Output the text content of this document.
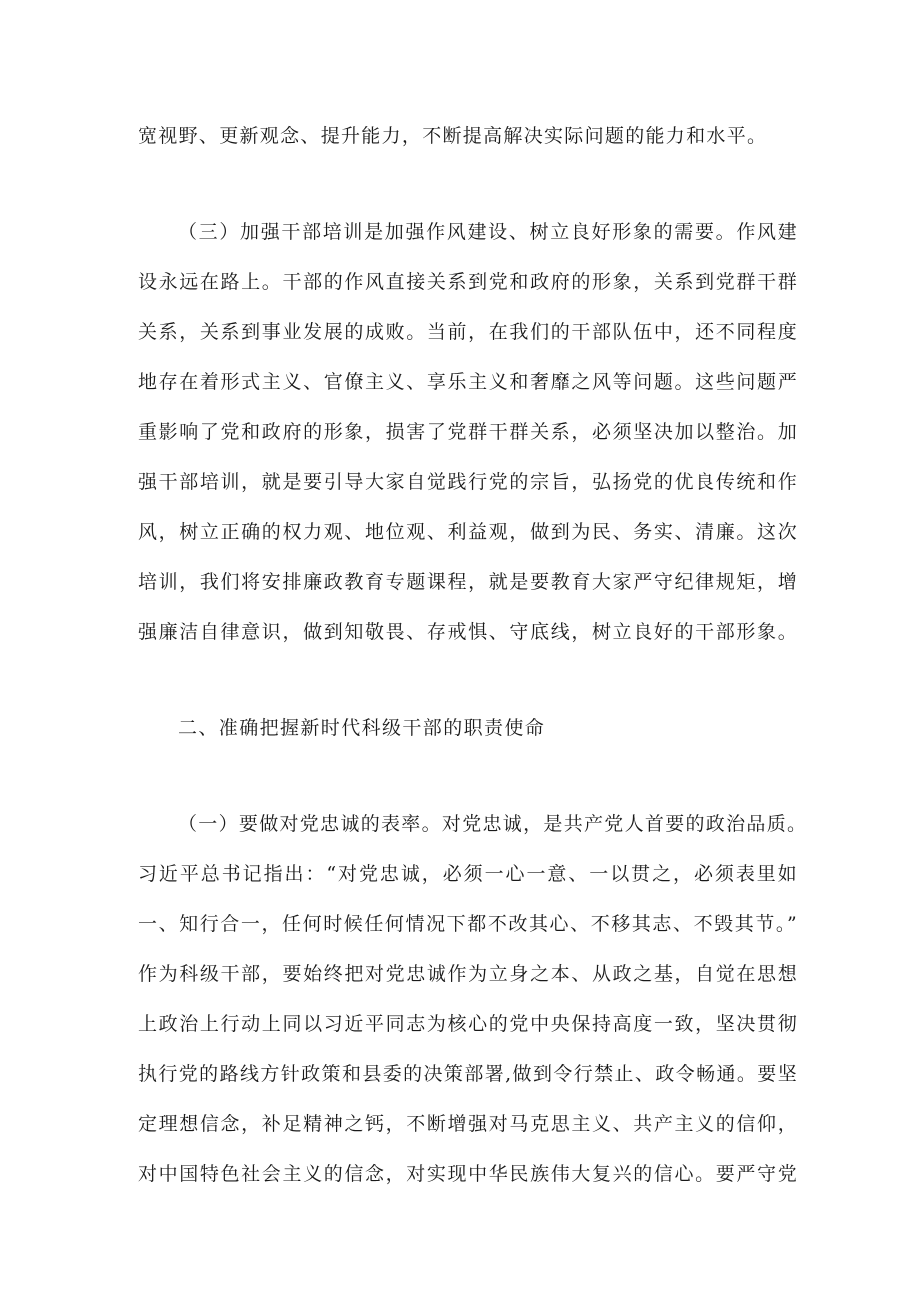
宽视野、更新观念、提升能力，不断提高解决实际问题的能力和水平。
（三）加强干部培训是加强作风建设、树立良好形象的需要。作风建
设永远在路上。干部的作风直接关系到党和政府的形象，关系到党群干群
关系，关系到事业发展的成败。当前，在我们的干部队伍中，还不同程度
地存在着形式主义、官僚主义、享乐主义和奢靡之风等问题。这些问题严
重影响了党和政府的形象，损害了党群干群关系，必须坚决加以整治。加
强干部培训，就是要引导大家自觉践行党的宗旨，弘扬党的优良传统和作
风，树立正确的权力观、地位观、利益观，做到为民、务实、清廉。这次
培训，我们将安排廉政教育专题课程，就是要教育大家严守纪律规矩，增
强廉洁自律意识，做到知敬畏、存戒惧、守底线，树立良好的干部形象。
二、准确把握新时代科级干部的职责使命
（一）要做对党忠诚的表率。对党忠诚，是共产党人首要的政治品质。
习近平总书记指出：“对党忠诚，必须一心一意、一以贯之，必须表里如
一、知行合一，任何时候任何情况下都不改其心、不移其志、不毁其节。”
作为科级干部，要始终把对党忠诚作为立身之本、从政之基，自觉在思想
上政治上行动上同以习近平同志为核心的党中央保持高度一致，坚决贯彻
执行党的路线方针政策和县委的决策部署,做到令行禁止、政令畅通。要坚
定理想信念，补足精神之钙，不断增强对马克思主义、共产主义的信仰，
对中国特色社会主义的信念，对实现中华民族伟大复兴的信心。要严守党
